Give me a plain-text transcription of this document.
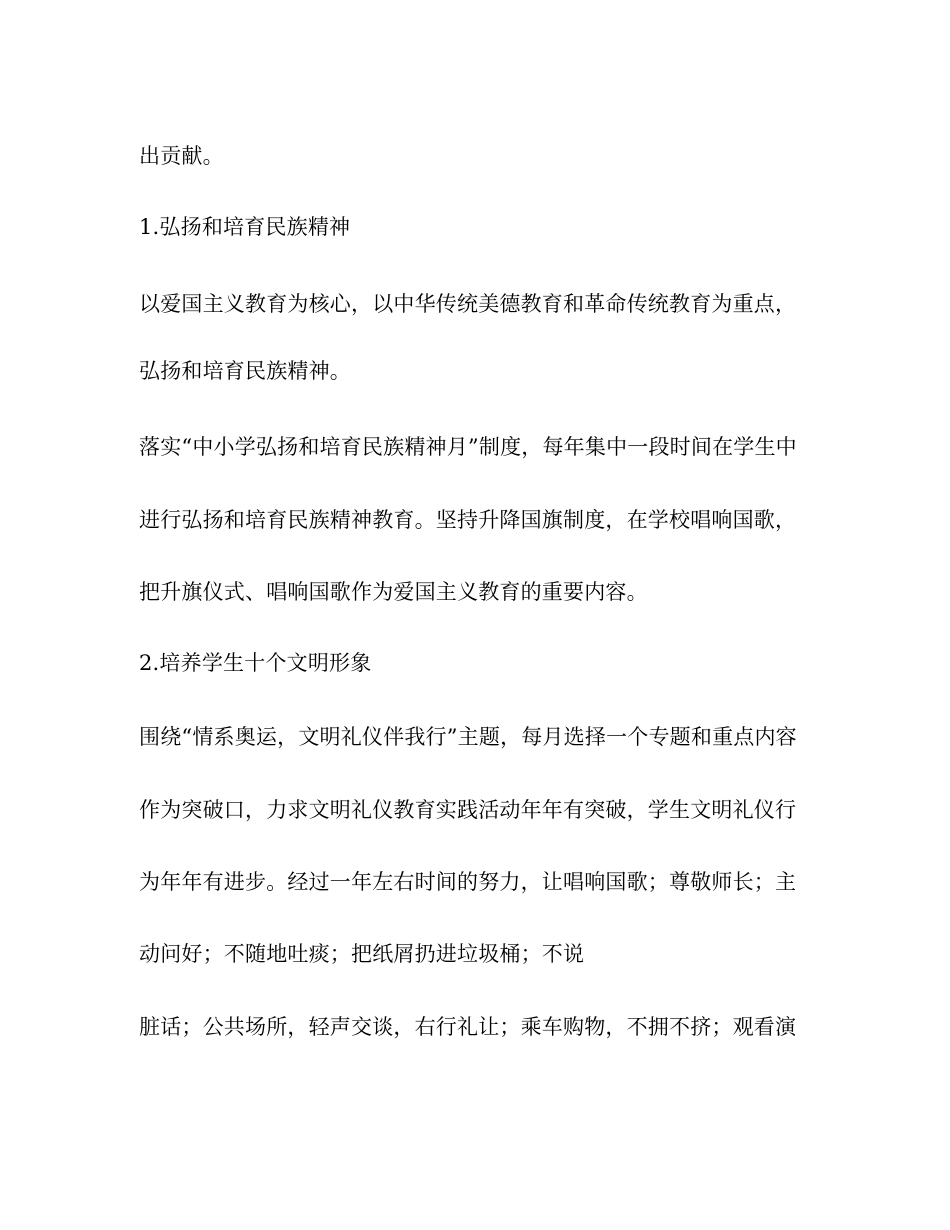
出贡献。
1.弘扬和培育民族精神
以爱国主义教育为核心，以中华传统美德教育和革命传统教育为重点，
弘扬和培育民族精神。
落实“中小学弘扬和培育民族精神月”制度，每年集中一段时间在学生中
进行弘扬和培育民族精神教育。坚持升降国旗制度，在学校唱响国歌，
把升旗仪式、唱响国歌作为爱国主义教育的重要内容。
2.培养学生十个文明形象
围绕“情系奥运，文明礼仪伴我行”主题，每月选择一个专题和重点内容
作为突破口，力求文明礼仪教育实践活动年年有突破，学生文明礼仪行
为年年有进步。经过一年左右时间的努力，让唱响国歌；尊敬师长；主
动问好；不随地吐痰；把纸屑扔进垃圾桶；不说
脏话；公共场所，轻声交谈，右行礼让；乘车购物，不拥不挤；观看演
